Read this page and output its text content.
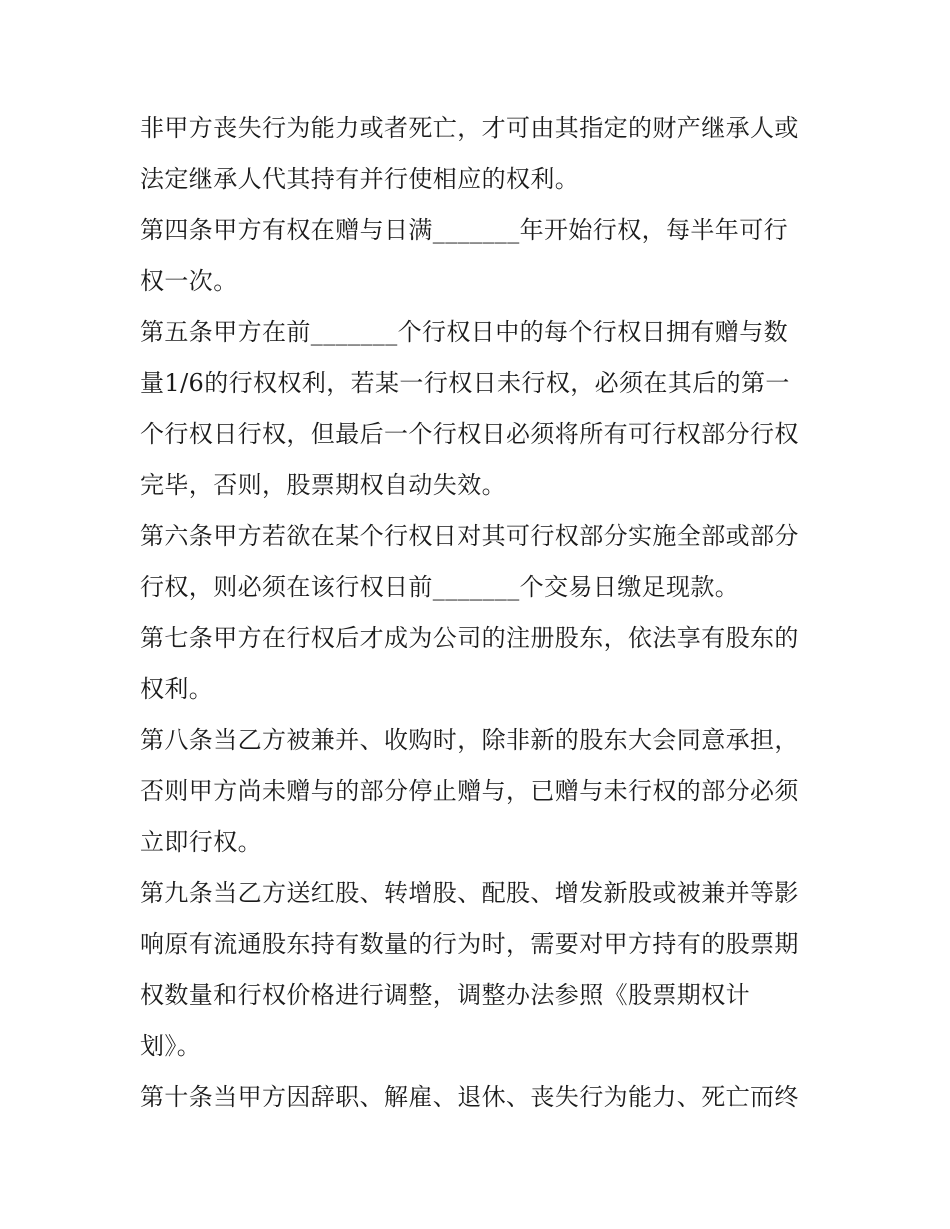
非甲方丧失行为能力或者死亡，才可由其指定的财产继承人或
法定继承人代其持有并行使相应的权利。
第四条甲方有权在赠与日满_______年开始行权，每半年可行
权一次。
第五条甲方在前_______个行权日中的每个行权日拥有赠与数
量1/6的行权权利，若某一行权日未行权，必须在其后的第一
个行权日行权，但最后一个行权日必须将所有可行权部分行权
完毕，否则，股票期权自动失效。
第六条甲方若欲在某个行权日对其可行权部分实施全部或部分
行权，则必须在该行权日前_______个交易日缴足现款。
第七条甲方在行权后才成为公司的注册股东，依法享有股东的
权利。
第八条当乙方被兼并、收购时，除非新的股东大会同意承担，
否则甲方尚未赠与的部分停止赠与，已赠与未行权的部分必须
立即行权。
第九条当乙方送红股、转增股、配股、增发新股或被兼并等影
响原有流通股东持有数量的行为时，需要对甲方持有的股票期
权数量和行权价格进行调整，调整办法参照《股票期权计
划》。
第十条当甲方因辞职、解雇、退休、丧失行为能力、死亡而终
